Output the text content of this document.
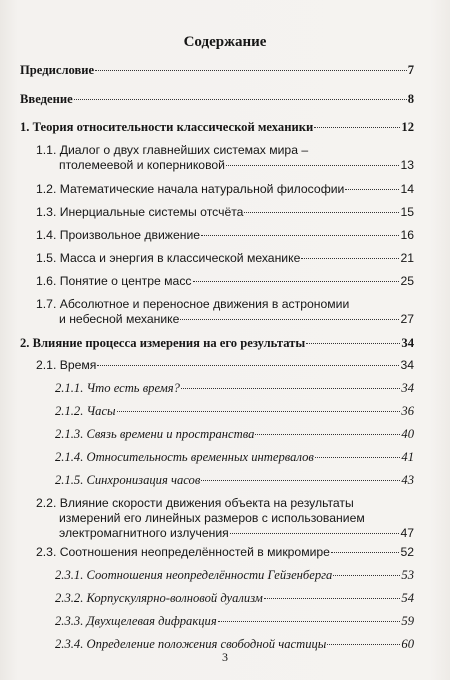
Содержание
Предисловие	7
Введение	8
1. Теория относительности классической механики	12
1.1. Диалог о двух главнейших системах мира –
птолемеевой и коперниковой	13
1.2. Математические начала натуральной философии	14
1.3. Инерциальные системы отсчёта	15
1.4. Произвольное движение	16
1.5. Масса и энергия в классической механике	21
1.6. Понятие о центре масс	25
1.7. Абсолютное и переносное движения в астрономии
и небесной механике	27
2. Влияние процесса измерения на его результаты	34
2.1. Время	34
2.1.1. Что есть время?	34
2.1.2. Часы	36
2.1.3. Связь времени и пространства	40
2.1.4. Относительность временных интервалов	41
2.1.5. Синхронизация часов	43
2.2. Влияние скорости движения объекта на результаты
измерений его линейных размеров с использованием
электромагнитного излучения	47
2.3. Соотношения неопределённостей в микромире	52
2.3.1. Соотношения неопределённости Гейзенберга	53
2.3.2. Корпускулярно-волновой дуализм	54
2.3.3. Двухщелевая дифракция	59
2.3.4. Определение положения свободной частицы	60
3
